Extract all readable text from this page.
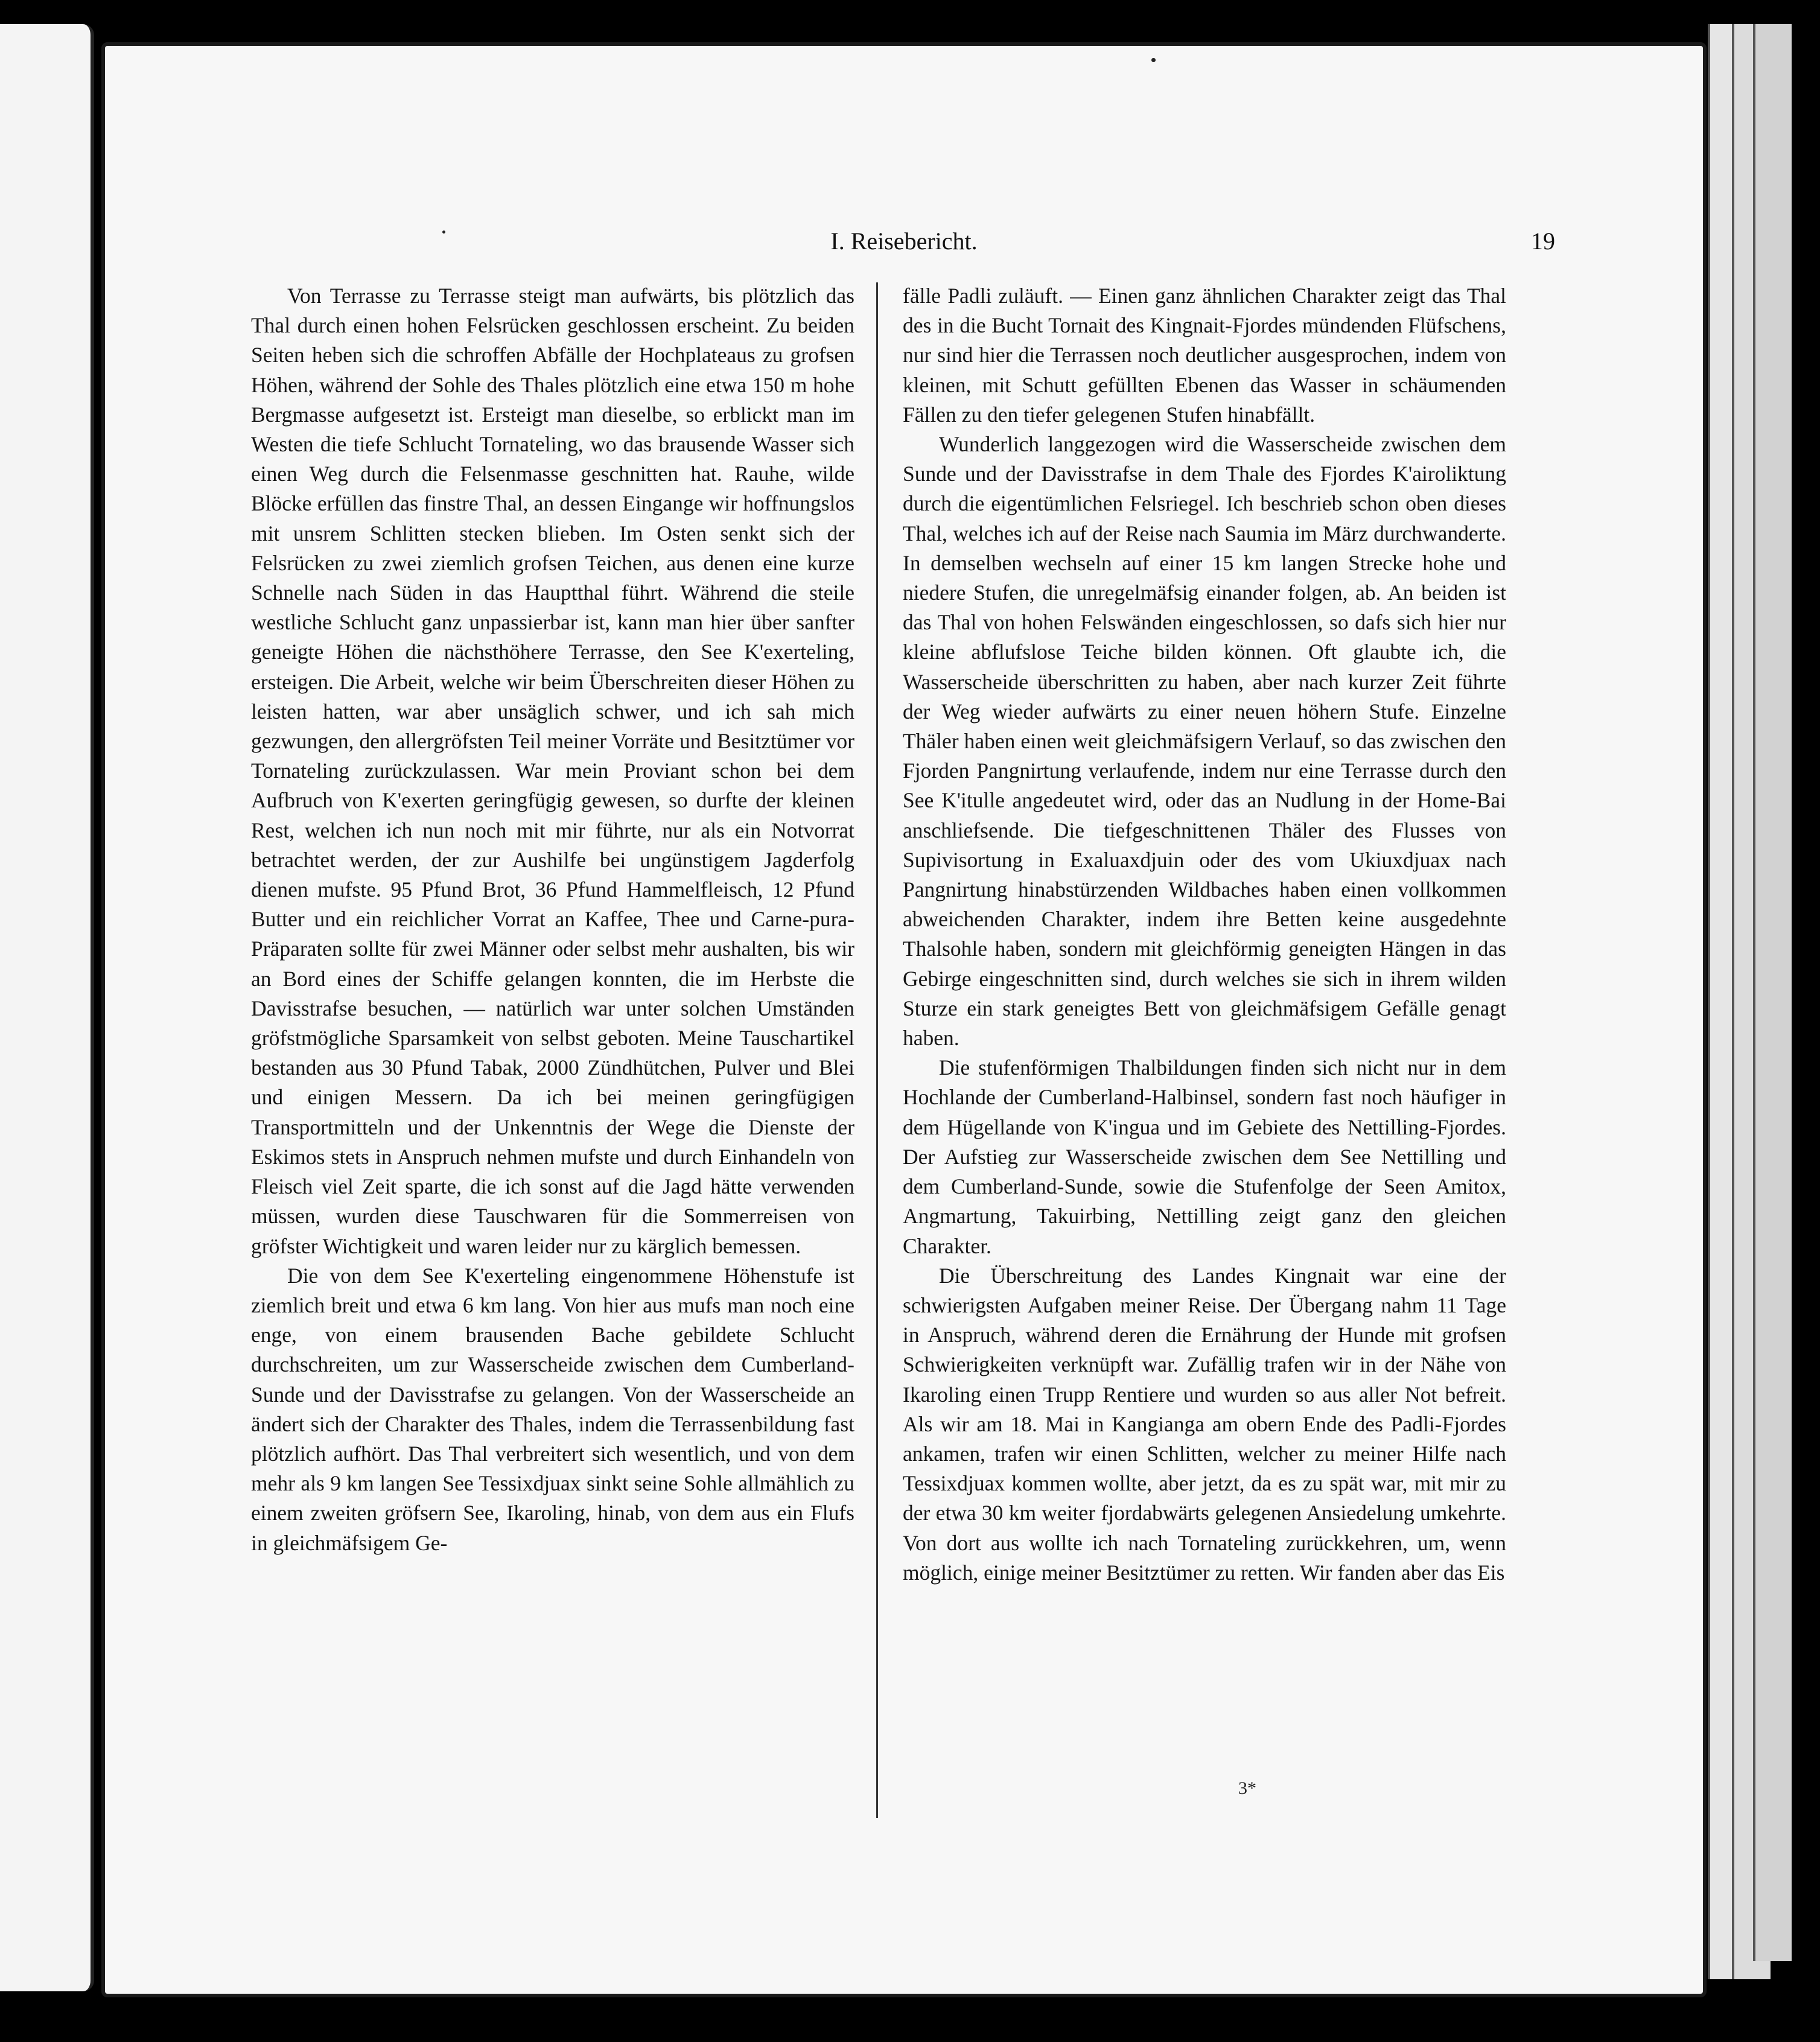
I. Reisebericht.	19

Von Terrasse zu Terrasse steigt man aufwärts, bis plötzlich das Thal durch einen hohen Felsrücken geschlossen erscheint. Zu beiden Seiten heben sich die schroffen Abfälle der Hochplateaus zu grofsen Höhen, während der Sohle des Thales plötzlich eine etwa 150 m hohe Bergmasse aufgesetzt ist. Ersteigt man dieselbe, so erblickt man im Westen die tiefe Schlucht Tornateling, wo das brausende Wasser sich einen Weg durch die Felsenmasse geschnitten hat. Rauhe, wilde Blöcke erfüllen das finstre Thal, an dessen Eingange wir hoffnungslos mit unsrem Schlitten stecken blieben. Im Osten senkt sich der Felsrücken zu zwei ziemlich grofsen Teichen, aus denen eine kurze Schnelle nach Süden in das Hauptthal führt. Während die steile westliche Schlucht ganz unpassierbar ist, kann man hier über sanfter geneigte Höhen die nächsthöhere Terrasse, den See K'exerteling, ersteigen. Die Arbeit, welche wir beim Überschreiten dieser Höhen zu leisten hatten, war aber unsäglich schwer, und ich sah mich gezwungen, den allergröfsten Teil meiner Vorräte und Besitztümer vor Tornateling zurückzulassen. War mein Proviant schon bei dem Aufbruch von K'exerten geringfügig gewesen, so durfte der kleinen Rest, welchen ich nun noch mit mir führte, nur als ein Notvorrat betrachtet werden, der zur Aushilfe bei ungünstigem Jagderfolg dienen mufste. 95 Pfund Brot, 36 Pfund Hammelfleisch, 12 Pfund Butter und ein reichlicher Vorrat an Kaffee, Thee und Carne-pura-Präparaten sollte für zwei Männer oder selbst mehr aushalten, bis wir an Bord eines der Schiffe gelangen konnten, die im Herbste die Davisstrafse besuchen, — natürlich war unter solchen Umständen gröfstmögliche Sparsamkeit von selbst geboten. Meine Tauschartikel bestanden aus 30 Pfund Tabak, 2000 Zündhütchen, Pulver und Blei und einigen Messern. Da ich bei meinen geringfügigen Transportmitteln und der Unkenntnis der Wege die Dienste der Eskimos stets in Anspruch nehmen mufste und durch Einhandeln von Fleisch viel Zeit sparte, die ich sonst auf die Jagd hätte verwenden müssen, wurden diese Tauschwaren für die Sommerreisen von gröfster Wichtigkeit und waren leider nur zu kärglich bemessen.

Die von dem See K'exerteling eingenommene Höhenstufe ist ziemlich breit und etwa 6 km lang. Von hier aus mufs man noch eine enge, von einem brausenden Bache gebildete Schlucht durchschreiten, um zur Wasserscheide zwischen dem Cumberland-Sunde und der Davisstrafse zu gelangen. Von der Wasserscheide an ändert sich der Charakter des Thales, indem die Terrassenbildung fast plötzlich aufhört. Das Thal verbreitert sich wesentlich, und von dem mehr als 9 km langen See Tessixdjuax sinkt seine Sohle allmählich zu einem zweiten gröfsern See, Ikaroling, hinab, von dem aus ein Flufs in gleichmäfsigem Ge-

fälle Padli zuläuft. — Einen ganz ähnlichen Charakter zeigt das Thal des in die Bucht Tornait des Kingnait-Fjordes mündenden Flüfschens, nur sind hier die Terrassen noch deutlicher ausgesprochen, indem von kleinen, mit Schutt gefüllten Ebenen das Wasser in schäumenden Fällen zu den tiefer gelegenen Stufen hinabfällt.

Wunderlich langgezogen wird die Wasserscheide zwischen dem Sunde und der Davisstrafse in dem Thale des Fjordes K'airoliktung durch die eigentümlichen Felsriegel. Ich beschrieb schon oben dieses Thal, welches ich auf der Reise nach Saumia im März durchwanderte. In demselben wechseln auf einer 15 km langen Strecke hohe und niedere Stufen, die unregelmäfsig einander folgen, ab. An beiden ist das Thal von hohen Felswänden eingeschlossen, so dafs sich hier nur kleine abflufslose Teiche bilden können. Oft glaubte ich, die Wasserscheide überschritten zu haben, aber nach kurzer Zeit führte der Weg wieder aufwärts zu einer neuen höhern Stufe. Einzelne Thäler haben einen weit gleichmäfsigern Verlauf, so das zwischen den Fjorden Pangnirtung verlaufende, indem nur eine Terrasse durch den See K'itulle angedeutet wird, oder das an Nudlung in der Home-Bai anschliefsende. Die tiefgeschnittenen Thäler des Flusses von Supivisortung in Exaluaxdjuin oder des vom Ukiuxdjuax nach Pangnirtung hinabstürzenden Wildbaches haben einen vollkommen abweichenden Charakter, indem ihre Betten keine ausgedehnte Thalsohle haben, sondern mit gleichförmig geneigten Hängen in das Gebirge eingeschnitten sind, durch welches sie sich in ihrem wilden Sturze ein stark geneigtes Bett von gleichmäfsigem Gefälle genagt haben.

Die stufenförmigen Thalbildungen finden sich nicht nur in dem Hochlande der Cumberland-Halbinsel, sondern fast noch häufiger in dem Hügellande von K'ingua und im Gebiete des Nettilling-Fjordes. Der Aufstieg zur Wasserscheide zwischen dem See Nettilling und dem Cumberland-Sunde, sowie die Stufenfolge der Seen Amitox, Angmartung, Takuirbing, Nettilling zeigt ganz den gleichen Charakter.

Die Überschreitung des Landes Kingnait war eine der schwierigsten Aufgaben meiner Reise. Der Übergang nahm 11 Tage in Anspruch, während deren die Ernährung der Hunde mit grofsen Schwierigkeiten verknüpft war. Zufällig trafen wir in der Nähe von Ikaroling einen Trupp Rentiere und wurden so aus aller Not befreit. Als wir am 18. Mai in Kangianga am obern Ende des Padli-Fjordes ankamen, trafen wir einen Schlitten, welcher zu meiner Hilfe nach Tessixdjuax kommen wollte, aber jetzt, da es zu spät war, mit mir zu der etwa 30 km weiter fjordabwärts gelegenen Ansiedelung umkehrte. Von dort aus wollte ich nach Tornateling zurückkehren, um, wenn möglich, einige meiner Besitztümer zu retten. Wir fanden aber das Eis

3*
